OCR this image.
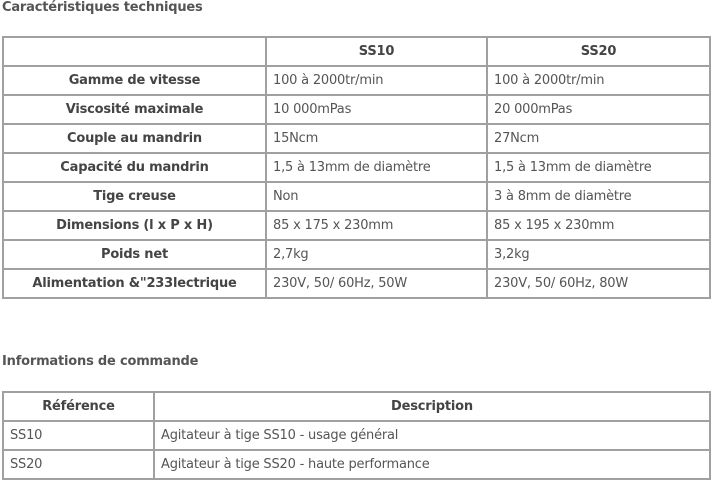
Caractéristiques techniques
	SS10	SS20
Gamme de vitesse	100 à 2000tr/min	100 à 2000tr/min
Viscosité maximale	10 000mPas	20 000mPas
Couple au mandrin	15Ncm	27Ncm
Capacité du mandrin	1,5 à 13mm de diamètre	1,5 à 13mm de diamètre
Tige creuse	Non	3 à 8mm de diamètre
Dimensions (l x P x H)	85 x 175 x 230mm	85 x 195 x 230mm
Poids net	2,7kg	3,2kg
Alimentation &"233lectrique	230V, 50/ 60Hz, 50W	230V, 50/ 60Hz, 80W
Informations de commande
Référence	Description
SS10	Agitateur à tige SS10 - usage général
SS20	Agitateur à tige SS20 - haute performance
